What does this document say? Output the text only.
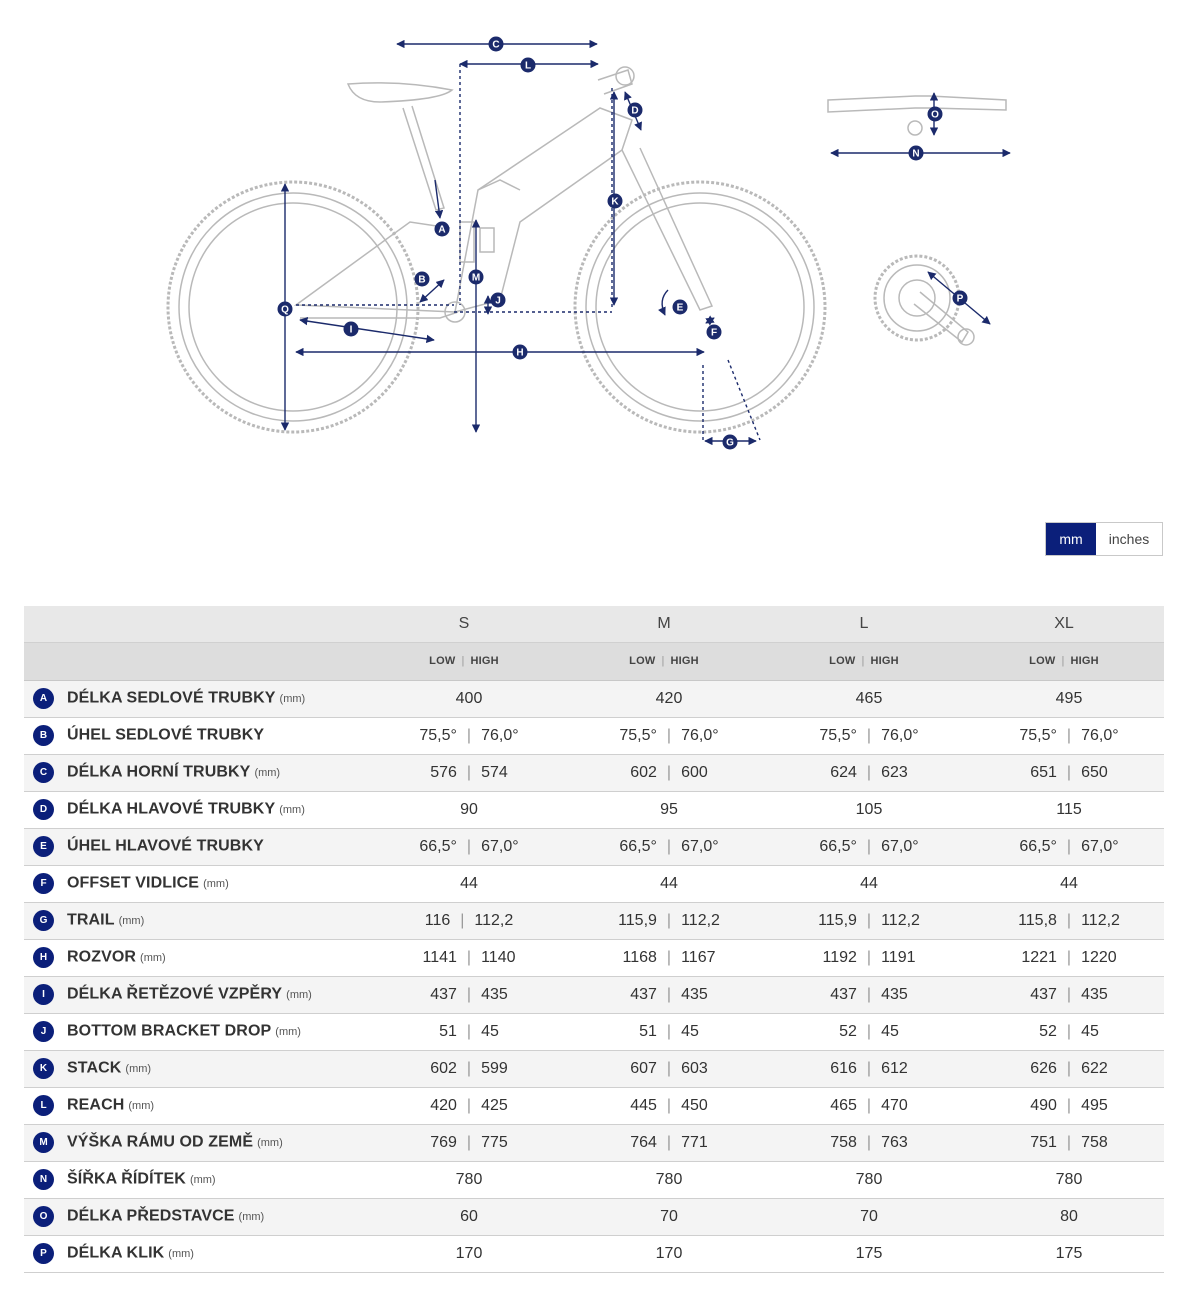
A
B
C
D
E
F
G
H
I
J
K
L
M
N
O
P
Q
mm	inches
	S	M	L	XL
	LOW | HIGH	LOW | HIGH	LOW | HIGH	LOW | HIGH
A DÉLKA SEDLOVÉ TRUBKY (mm)	400	420	465	495
B ÚHEL SEDLOVÉ TRUBKY	75,5° | 76,0°	75,5° | 76,0°	75,5° | 76,0°	75,5° | 76,0°
C DÉLKA HORNÍ TRUBKY (mm)	576 | 574	602 | 600	624 | 623	651 | 650
D DÉLKA HLAVOVÉ TRUBKY (mm)	90	95	105	115
E ÚHEL HLAVOVÉ TRUBKY	66,5° | 67,0°	66,5° | 67,0°	66,5° | 67,0°	66,5° | 67,0°
F OFFSET VIDLICE (mm)	44	44	44	44
G TRAIL (mm)	116 | 112,2	115,9 | 112,2	115,9 | 112,2	115,8 | 112,2
H ROZVOR (mm)	1141 | 1140	1168 | 1167	1192 | 1191	1221 | 1220
I DÉLKA ŘETĚZOVÉ VZPĚRY (mm)	437 | 435	437 | 435	437 | 435	437 | 435
J BOTTOM BRACKET DROP (mm)	51 | 45	51 | 45	52 | 45	52 | 45
K STACK (mm)	602 | 599	607 | 603	616 | 612	626 | 622
L REACH (mm)	420 | 425	445 | 450	465 | 470	490 | 495
M VÝŠKA RÁMU OD ZEMĚ (mm)	769 | 775	764 | 771	758 | 763	751 | 758
N ŠÍŘKA ŘÍDÍTEK (mm)	780	780	780	780
O DÉLKA PŘEDSTAVCE (mm)	60	70	70	80
P DÉLKA KLIK (mm)	170	170	175	175
